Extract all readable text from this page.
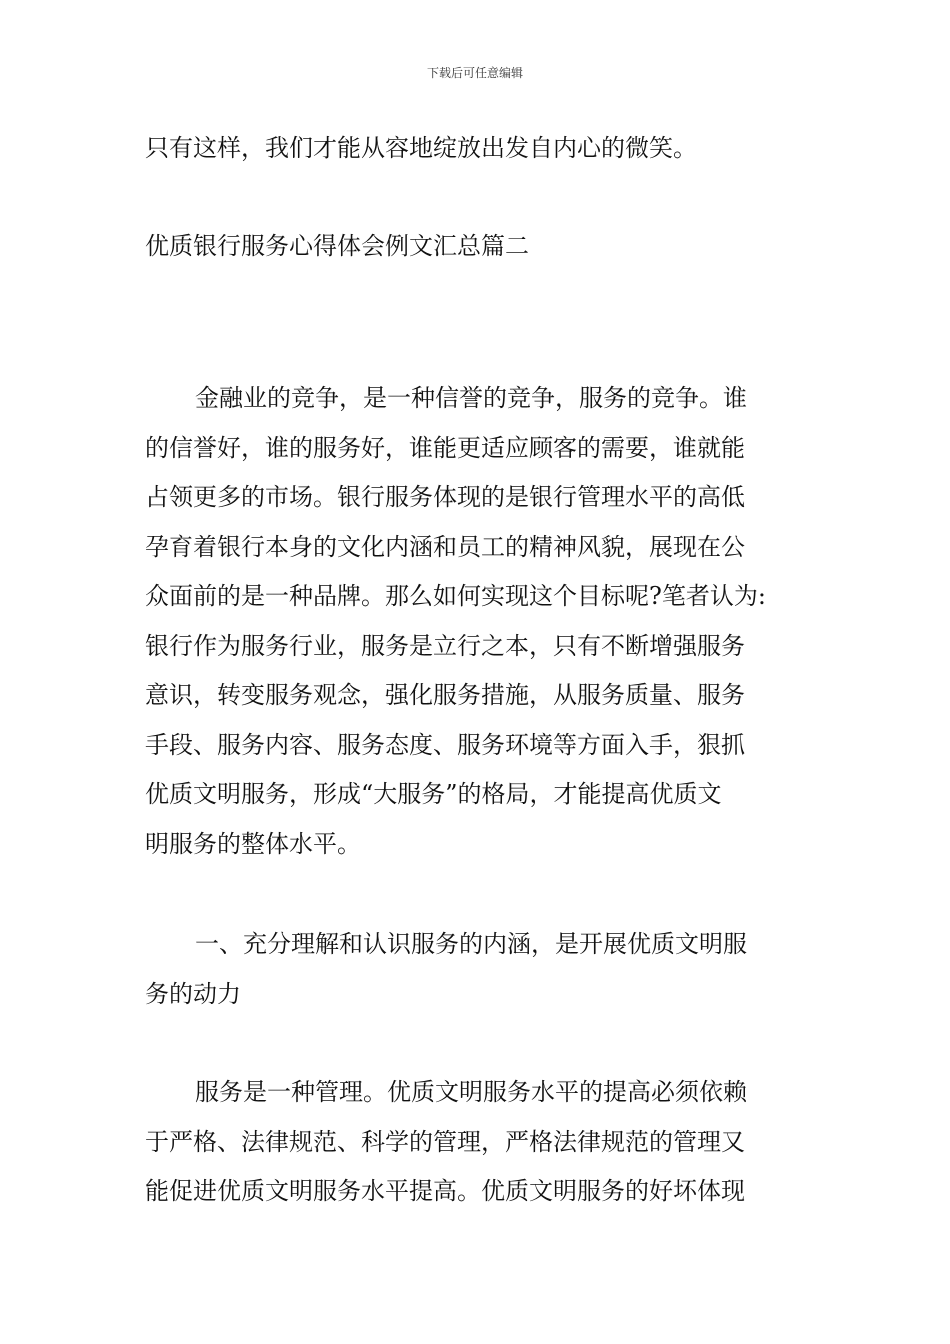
下载后可任意编辑
只有这样，我们才能从容地绽放出发自内心的微笑。
优质银行服务心得体会例文汇总篇二
金融业的竞争，是一种信誉的竞争，服务的竞争。谁
的信誉好，谁的服务好，谁能更适应顾客的需要，谁就能
占领更多的市场。银行服务体现的是银行管理水平的高低
孕育着银行本身的文化内涵和员工的精神风貌，展现在公
众面前的是一种品牌。那么如何实现这个目标呢?笔者认为:
银行作为服务行业，服务是立行之本，只有不断增强服务
意识，转变服务观念，强化服务措施，从服务质量、服务
手段、服务内容、服务态度、服务环境等方面入手，狠抓
优质文明服务，形成“大服务”的格局，才能提高优质文
明服务的整体水平。
一、充分理解和认识服务的内涵，是开展优质文明服
务的动力
服务是一种管理。优质文明服务水平的提高必须依赖
于严格、法律规范、科学的管理，严格法律规范的管理又
能促进优质文明服务水平提高。优质文明服务的好坏体现
